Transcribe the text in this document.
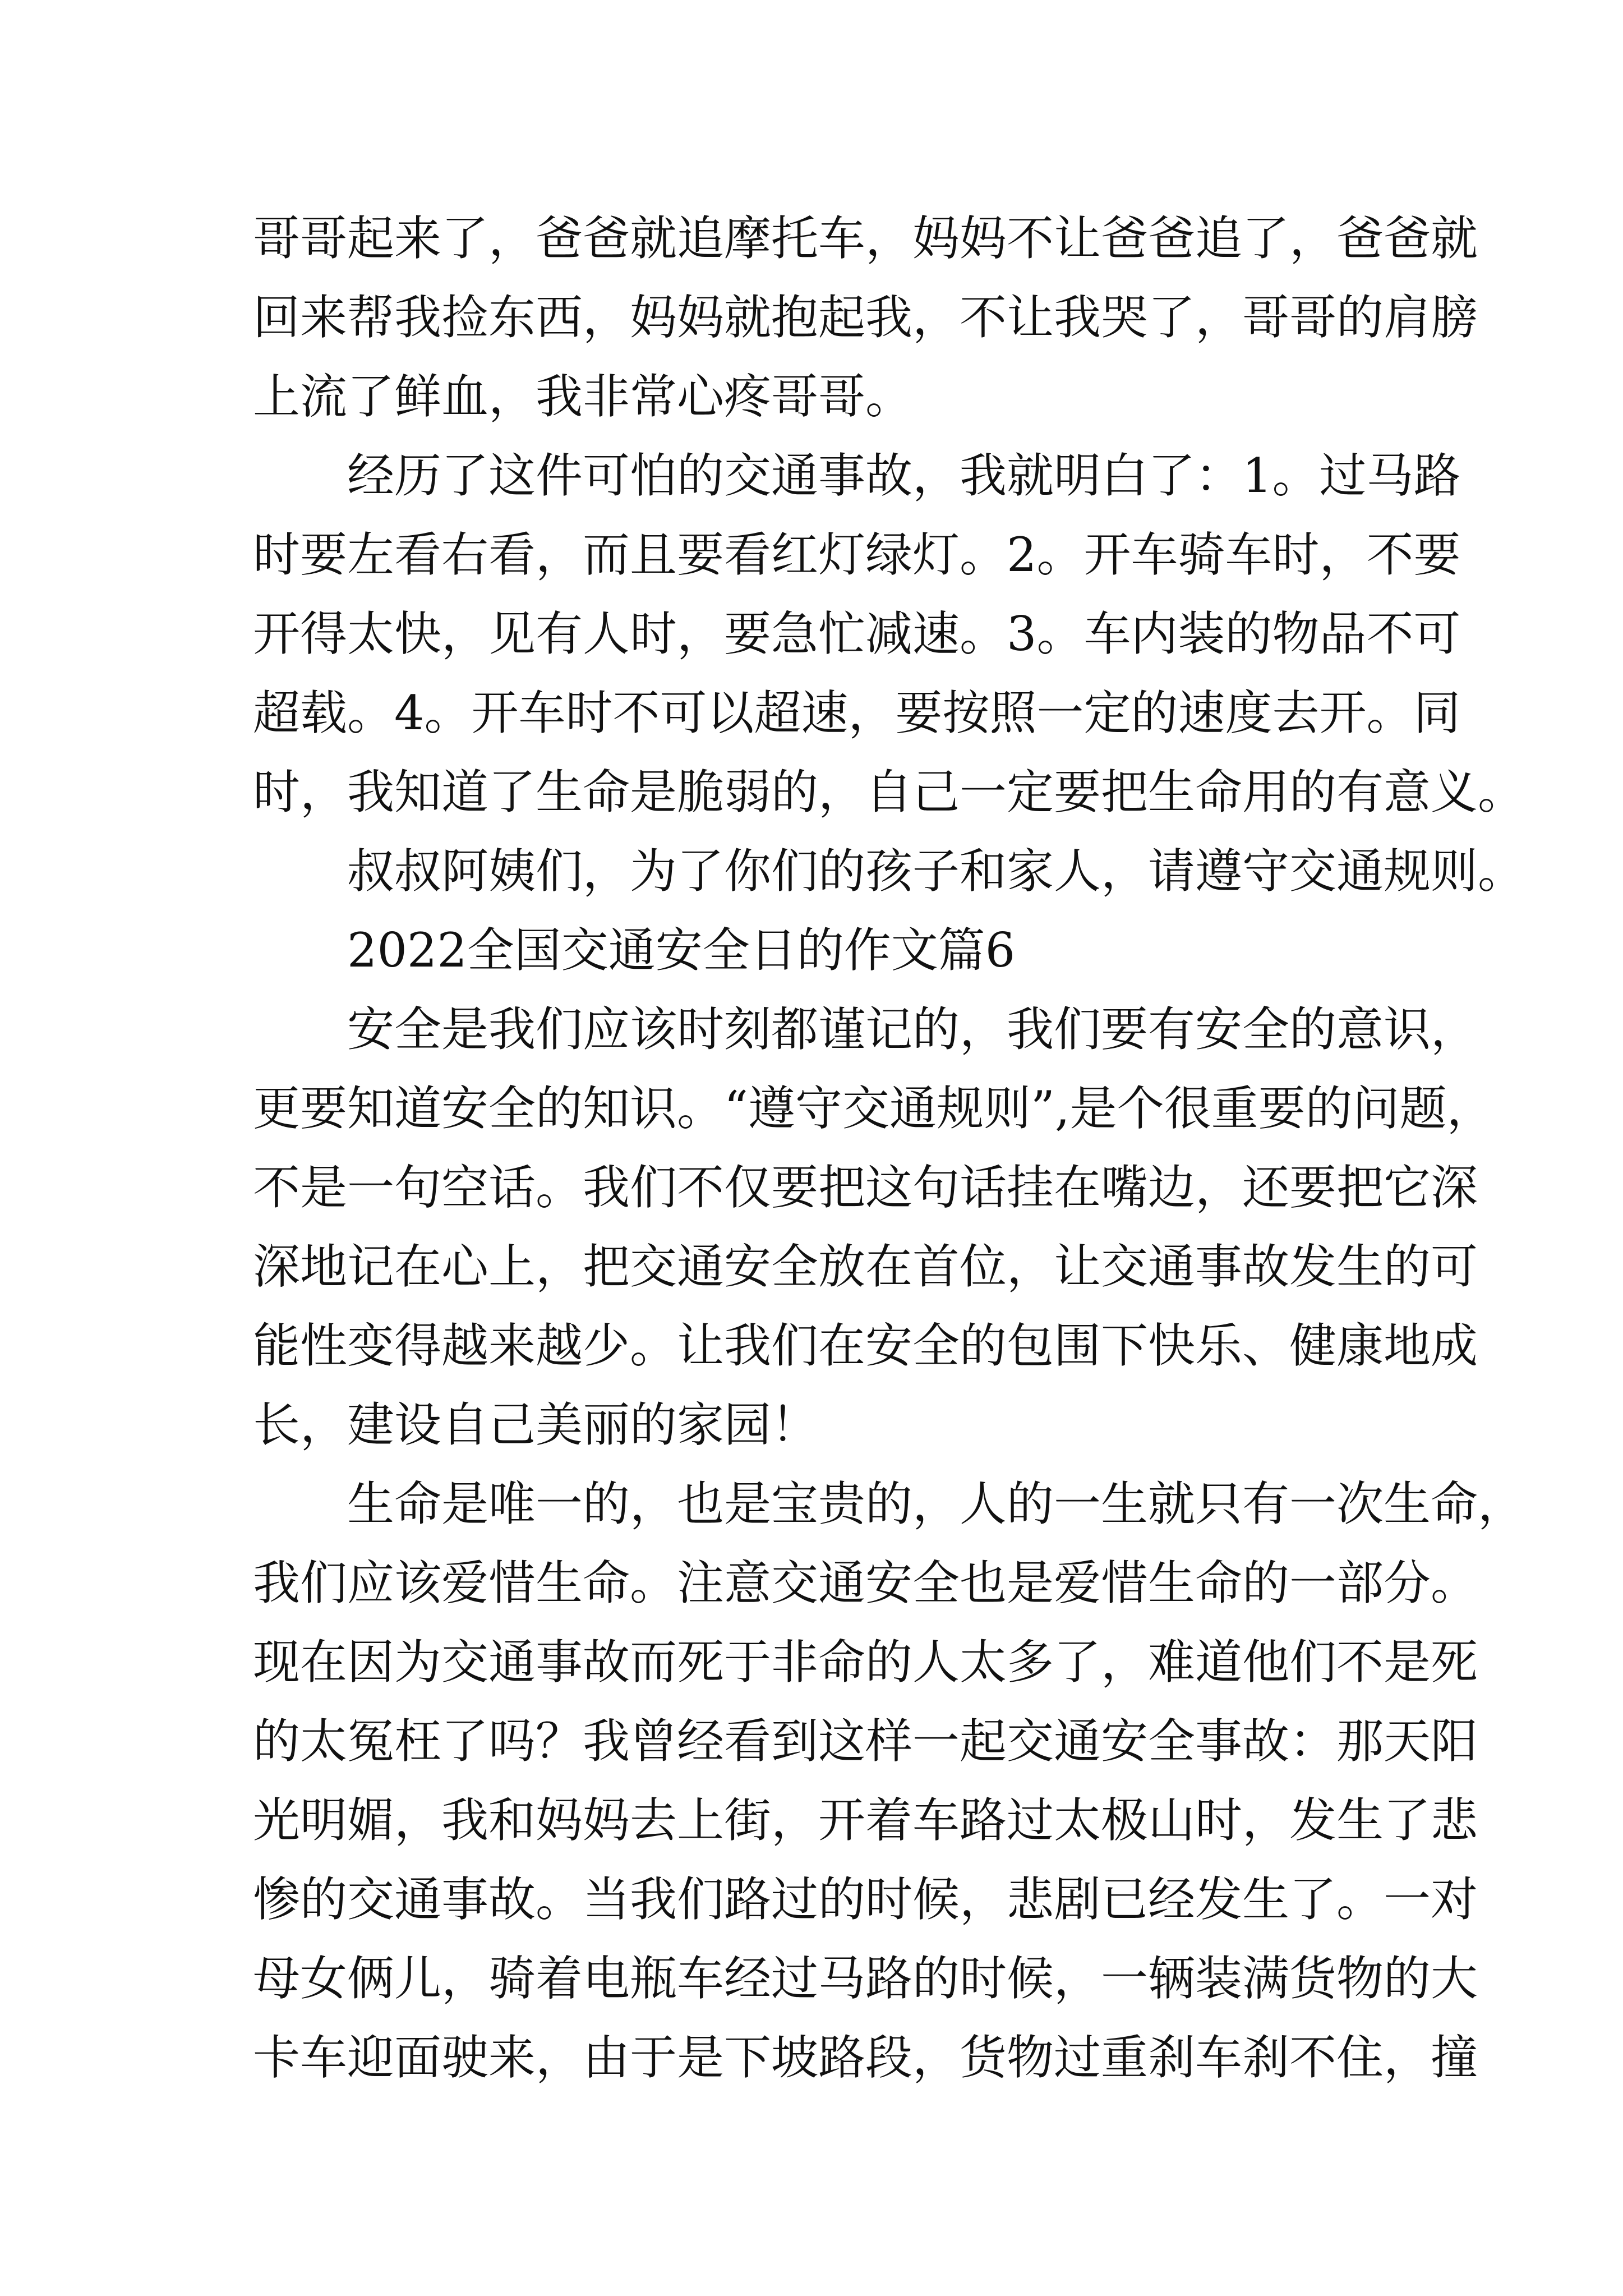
哥哥起来了，爸爸就追摩托车，妈妈不让爸爸追了，爸爸就
回来帮我捡东西，妈妈就抱起我，不让我哭了，哥哥的肩膀
上流了鲜血，我非常心疼哥哥。
经历了这件可怕的交通事故，我就明白了：1。过马路
时要左看右看，而且要看红灯绿灯。2。开车骑车时，不要
开得太快，见有人时，要急忙减速。3。车内装的物品不可
超载。4。开车时不可以超速，要按照一定的速度去开。同
时，我知道了生命是脆弱的，自己一定要把生命用的有意义。
叔叔阿姨们，为了你们的孩子和家人，请遵守交通规则。
2022全国交通安全日的作文篇6
安全是我们应该时刻都谨记的，我们要有安全的意识，
更要知道安全的知识。“遵守交通规则”,是个很重要的问题，
不是一句空话。我们不仅要把这句话挂在嘴边，还要把它深
深地记在心上，把交通安全放在首位，让交通事故发生的可
能性变得越来越少。让我们在安全的包围下快乐、健康地成
长，建设自己美丽的家园！
生命是唯一的，也是宝贵的，人的一生就只有一次生命，
我们应该爱惜生命。注意交通安全也是爱惜生命的一部分。
现在因为交通事故而死于非命的人太多了，难道他们不是死
的太冤枉了吗？我曾经看到这样一起交通安全事故：那天阳
光明媚，我和妈妈去上街，开着车路过太极山时，发生了悲
惨的交通事故。当我们路过的时候，悲剧已经发生了。一对
母女俩儿，骑着电瓶车经过马路的时候，一辆装满货物的大
卡车迎面驶来，由于是下坡路段，货物过重刹车刹不住，撞
